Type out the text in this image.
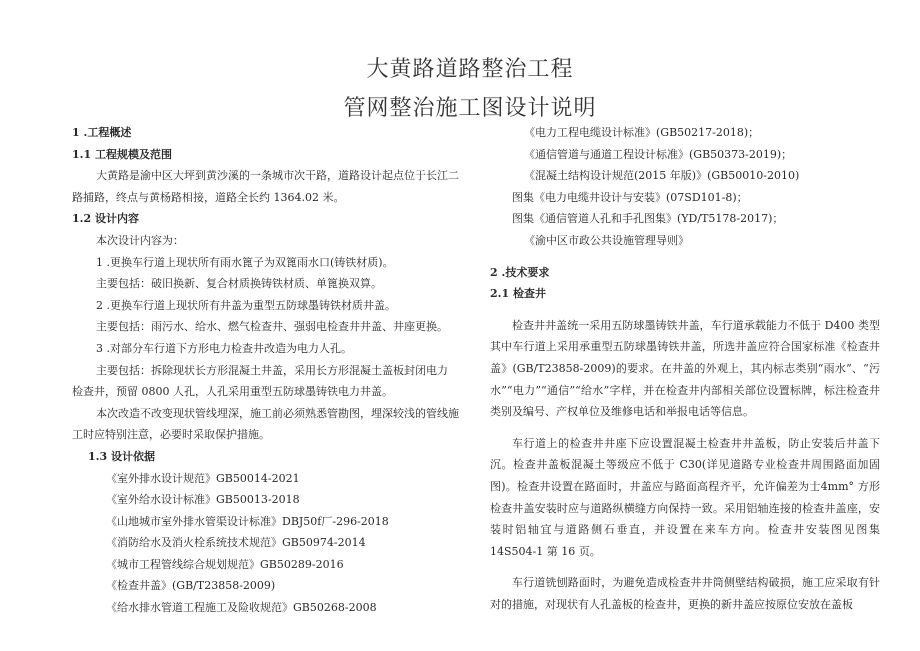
大黄路道路整治工程
管网整治施工图设计说明
1 .工程概述
1.1 工程规模及范围
大黄路是渝中区大坪到黄沙溪的一条城市次干路，道路设计起点位于长江二
路捕路，终点与黄杨路相接，道路全长约 1364.02 米。
1.2 设计内容
本次设计内容为：
1 .更换车行道上现状所有雨水篦子为双篦雨水口(铸铁材质)。
主要包括：破旧换新、复合材质换铸铁材质、单篦换双算。
2 .更换车行道上现状所有井盖为重型五防球墨铸铁材质井盖。
主要包括：雨污水、给水、燃气检查井、强弱电检查井井盖、井座更换。
3 .对部分车行道下方形电力检查井改造为电力人孔。
主要包括：拆除现状长方形混凝土井盖，采用长方形混凝土盖板封闭电力
检查井，预留 0800 人孔，人孔采用重型五防球墨铸铁电力井盖。
本次改造不改变现状管线埋深，施工前必须熟悉管勘图，埋深较浅的管线施
工时应特别注意，必要时采取保护措施。
1.3 设计依据
《室外排水设计规范》GB50014-2021
《室外给水设计标准》GB50013-2018
《山地城市室外排水管渠设计标准》DBJ50f厂-296-2018
《消防给水及消火栓系统技术规范》GB50974-2014
《城市工程管线综合规划规范》GB50289-2016
《检查井盖》(GB/T23858-2009)
《给水排水管道工程施工及险收规范》GB50268-2008
《电力工程电缆设计标准》(GB50217-2018)；
《通信管道与通道工程设计标准》(GB50373-2019)；
《混凝土结构设计规范(2015 年版)》(GB50010-2010)
图集《电力电缆井设计与安装》(07SD101-8)；
图集《通信管道人孔和手孔图集》(YD/T5178-2017)；
《渝中区市政公共设施管理导则》
2 .技术要求
2.1 检查井
检查井井盖统一采用五防球墨铸铁井盖，车行道承载能力不低于 D400 类型其中车行道上采用承重型五防球墨铸铁井盖，所选井盖应符合国家标准《检查井盖》(GB/T23858-2009)的要求。在井盖的外观上，其内标志类别“雨水”、“污水”“电力”“通信”“给水”字样，并在检查井内部相关部位设置标牌，标注检查井类别及编号、产权单位及维修电话和举报电话等信息。
车行道上的检查井井座下应设置混凝土检查井井盖板，防止安装后井盖下沉。检查井盖板混凝土等级应不低于 C30(详见道路专业检查井周围路面加固图)。检查井设置在路面时，井盖应与路面高程齐平，允许偏差为士4mm° 方形检查井盖安装时应与道路纵横缝方向保持一致。采用铝轴连接的检查井盖座，安装时铝轴宜与道路侧石垂直，并设置在来车方向。检查井安装图见图集 14S504-1 第 16 页。
车行道铣刨路面时，为避免造成检查井井筒侧壁结构破损，施工应采取有针对的措施，对现状有人孔盖板的检查井，更换的新井盖应按原位安放在盖板
